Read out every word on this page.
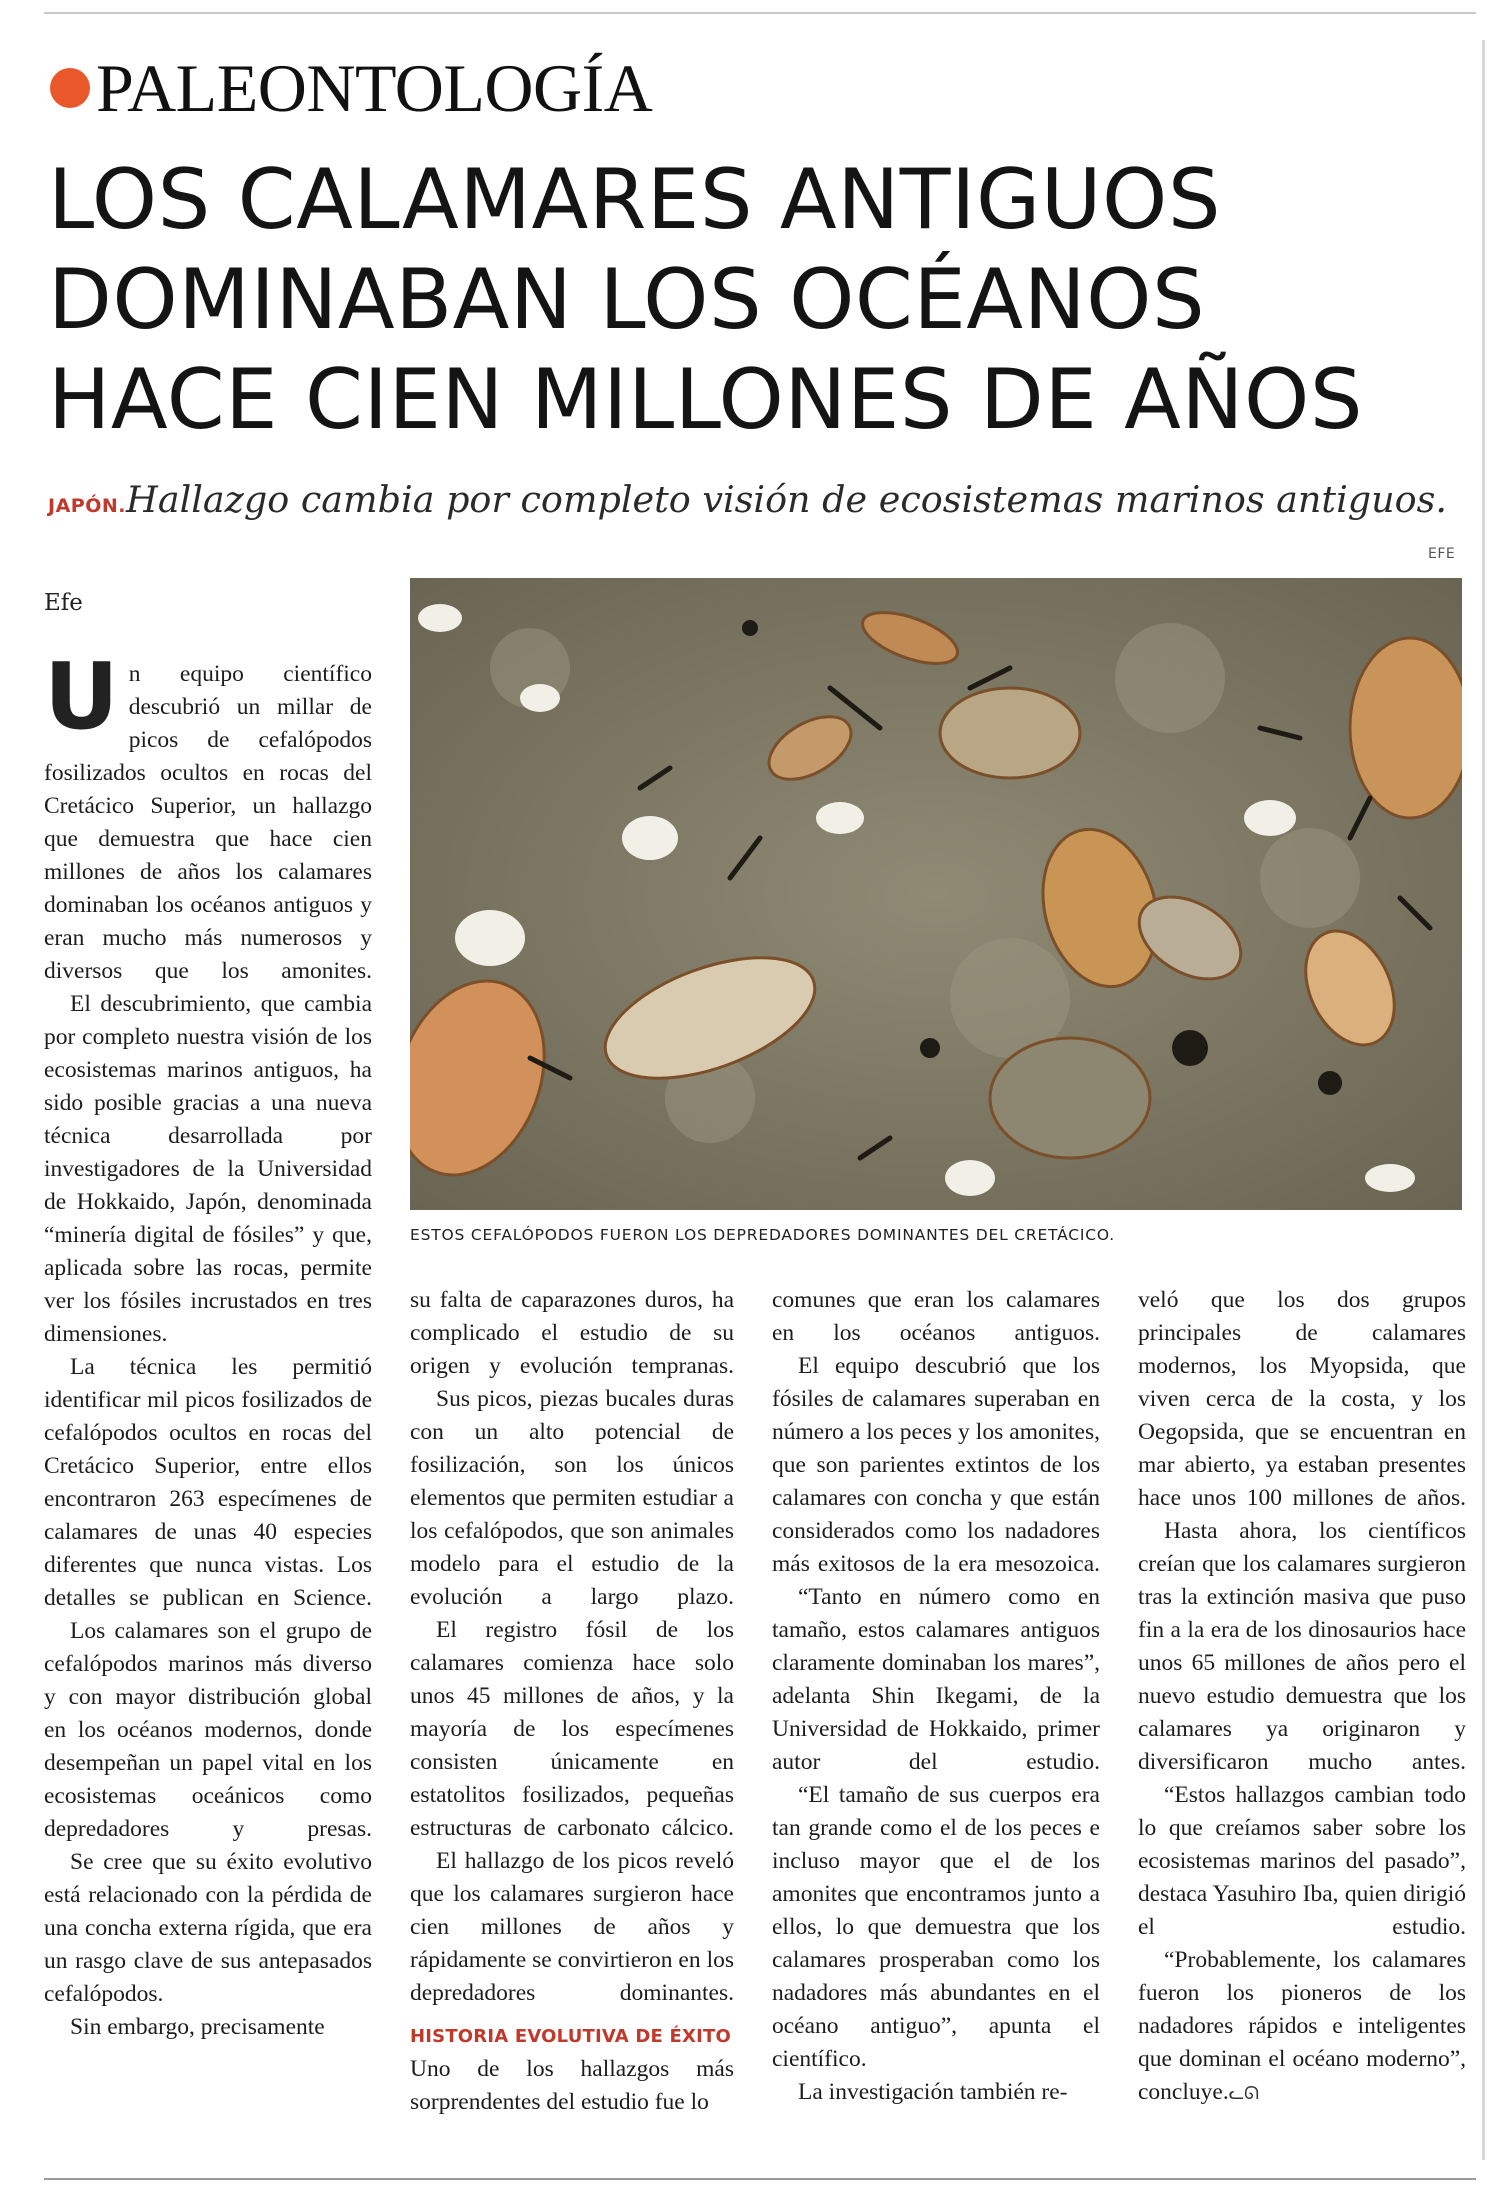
PALEONTOLOGÍA
LOS CALAMARES ANTIGUOS
DOMINABAN LOS OCÉANOS
HACE CIEN MILLONES DE AÑOS
JAPÓN.Hallazgo cambia por completo visión de ecosistemas marinos antiguos.
EFE
ESTOS CEFALÓPODOS FUERON LOS DEPREDADORES DOMINANTES DEL CRETÁCICO.
Efe
U n equipo científico descubrió un millar de picos de cefalópodos fosilizados ocultos en rocas del Cretácico Superior, un hallazgo que demuestra que hace cien millones de años los calamares dominaban los océanos antiguos y eran mucho más numerosos y diversos que los amonites.

El descubrimiento, que cambia por completo nuestra visión de los ecosistemas marinos antiguos, ha sido posible gracias a una nueva técnica desarrollada por investigadores de la Universidad de Hokkaido, Japón, denominada “minería digital de fósiles” y que, aplicada sobre las rocas, permite ver los fósiles incrustados en tres dimensiones.

La técnica les permitió identificar mil picos fosilizados de cefalópodos ocultos en rocas del Cretácico Superior, entre ellos encontraron 263 especímenes de calamares de unas 40 especies diferentes que nunca vistas. Los detalles se publican en Science.

Los calamares son el grupo de cefalópodos marinos más diverso y con mayor distribución global en los océanos modernos, donde desempeñan un papel vital en los ecosistemas oceánicos como depredadores y presas.

Se cree que su éxito evolutivo está relacionado con la pérdida de una concha externa rígida, que era un rasgo clave de sus antepasados cefalópodos.

Sin embargo, precisamente

su falta de caparazones duros, ha complicado el estudio de su origen y evolución tempranas.

Sus picos, piezas bucales duras con un alto potencial de fosilización, son los únicos elementos que permiten estudiar a los cefalópodos, que son animales modelo para el estudio de la evolución a largo plazo.

El registro fósil de los calamares comienza hace solo unos 45 millones de años, y la mayoría de los especímenes consisten únicamente en estatolitos fosilizados, pequeñas estructuras de carbonato cálcico.

El hallazgo de los picos reveló que los calamares surgieron hace cien millones de años y rápidamente se convirtieron en los depredadores dominantes.

HISTORIA EVOLUTIVA DE ÉXITO

Uno de los hallazgos más sorprendentes del estudio fue lo

comunes que eran los calamares en los océanos antiguos.

El equipo descubrió que los fósiles de calamares superaban en número a los peces y los amonites, que son parientes extintos de los calamares con concha y que están considerados como los nadadores más exitosos de la era mesozoica.

“Tanto en número como en tamaño, estos calamares antiguos claramente dominaban los mares”, adelanta Shin Ikegami, de la Universidad de Hokkaido, primer autor del estudio.

“El tamaño de sus cuerpos era tan grande como el de los peces e incluso mayor que el de los amonites que encontramos junto a ellos, lo que demuestra que los calamares prosperaban como los nadadores más abundantes en el océano antiguo”, apunta el científico.

La investigación también re-

veló que los dos grupos principales de calamares modernos, los Myopsida, que viven cerca de la costa, y los Oegopsida, que se encuentran en mar abierto, ya estaban presentes hace unos 100 millones de años.

Hasta ahora, los científicos creían que los calamares surgieron tras la extinción masiva que puso fin a la era de los dinosaurios hace unos 65 millones de años pero el nuevo estudio demuestra que los calamares ya originaron y diversificaron mucho antes.

“Estos hallazgos cambian todo lo que creíamos saber sobre los ecosistemas marinos del pasado”, destaca Yasuhiro Iba, quien dirigió el estudio.

“Probablemente, los calamares fueron los pioneros de los nadadores rápidos e inteligentes que dominan el océano moderno”, concluye.ᓚᘏ
